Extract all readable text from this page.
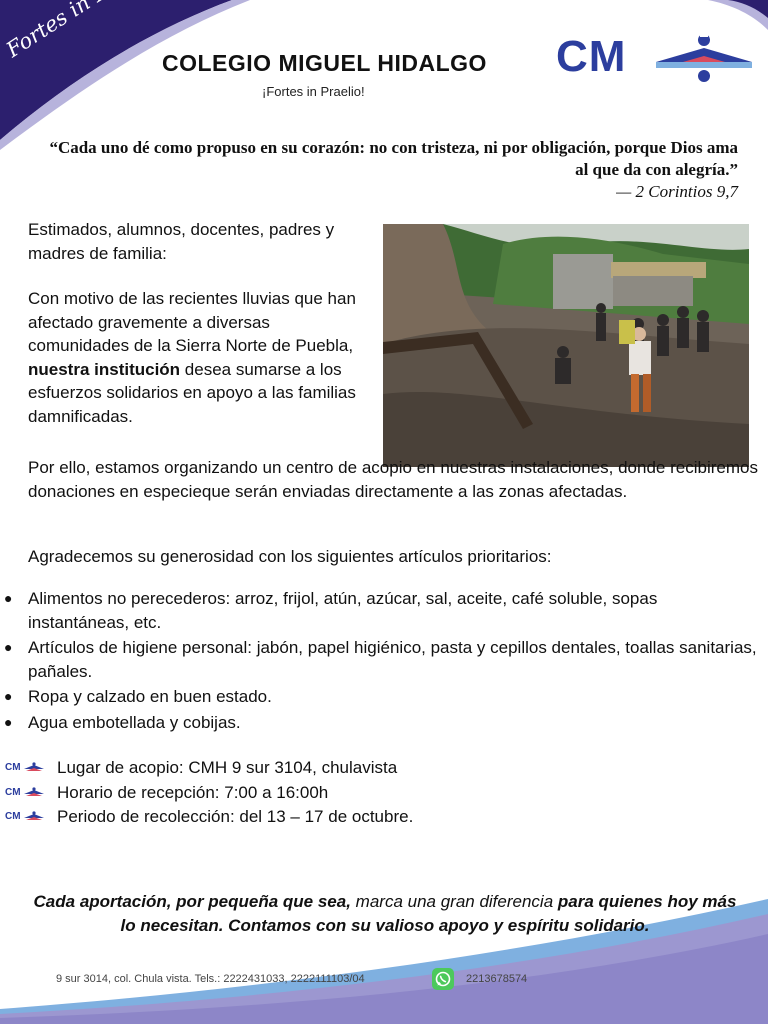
COLEGIO MIGUEL HIDALGO
¡Fortes in Praelio!
CM
“Cada uno dé como propuso en su corazón: no con tristeza, ni por obligación, porque Dios ama al que da con alegría.”
— 2 Corintios 9,7
Estimados, alumnos, docentes, padres y madres de familia:
Con motivo de las recientes lluvias que han afectado gravemente a diversas comunidades de la Sierra Norte de Puebla, nuestra institución desea sumarse a los esfuerzos solidarios en apoyo a las familias damnificadas.
Por ello, estamos organizando un centro de acopio en nuestras instalaciones, donde recibiremos donaciones en especieque serán enviadas directamente a las zonas afectadas.
Agradecemos su generosidad con los siguientes artículos prioritarios:
● Alimentos no perecederos: arroz, frijol, atún, azúcar, sal, aceite, café soluble, sopas instantáneas, etc.
● Artículos de higiene personal: jabón, papel higiénico, pasta y cepillos dentales, toallas sanitarias, pañales.
● Ropa y calzado en buen estado.
● Agua embotellada y cobijas.
CM Lugar de acopio: CMH 9 sur 3104, chulavista
CM Horario de recepción: 7:00 a 16:00h
CM Periodo de recolección: del 13 – 17 de octubre.
Cada aportación, por pequeña que sea, marca una gran diferencia para quienes hoy más lo necesitan. Contamos con su valioso apoyo y espíritu solidario.
9 sur 3014, col. Chula vista. Tels.: 2222431033, 2222111103/04	2213678574
